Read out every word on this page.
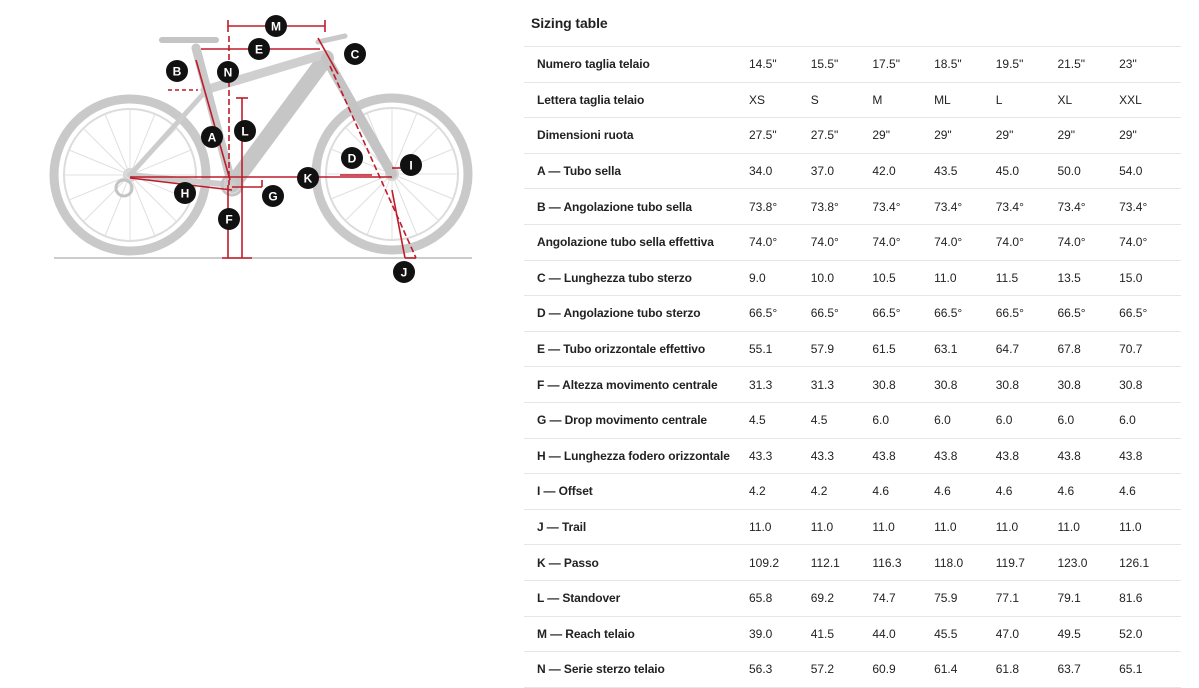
M
E	C
B	N
L
A
D	I
K
H	G
F
J
Sizing table
Numero taglia telaio	14.5"	15.5"	17.5"	18.5"	19.5"	21.5"	23"
Lettera taglia telaio	XS	S	M	ML	L	XL	XXL
Dimensioni ruota	27.5"	27.5"	29"	29"	29"	29"	29"
A — Tubo sella	34.0	37.0	42.0	43.5	45.0	50.0	54.0
B — Angolazione tubo sella	73.8°	73.8°	73.4°	73.4°	73.4°	73.4°	73.4°
Angolazione tubo sella effettiva	74.0°	74.0°	74.0°	74.0°	74.0°	74.0°	74.0°
C — Lunghezza tubo sterzo	9.0	10.0	10.5	11.0	11.5	13.5	15.0
D — Angolazione tubo sterzo	66.5°	66.5°	66.5°	66.5°	66.5°	66.5°	66.5°
E — Tubo orizzontale effettivo	55.1	57.9	61.5	63.1	64.7	67.8	70.7
F — Altezza movimento centrale	31.3	31.3	30.8	30.8	30.8	30.8	30.8
G — Drop movimento centrale	4.5	4.5	6.0	6.0	6.0	6.0	6.0
H — Lunghezza fodero orizzontale	43.3	43.3	43.8	43.8	43.8	43.8	43.8
I — Offset	4.2	4.2	4.6	4.6	4.6	4.6	4.6
J — Trail	11.0	11.0	11.0	11.0	11.0	11.0	11.0
K — Passo	109.2	112.1	116.3	118.0	119.7	123.0	126.1
L — Standover	65.8	69.2	74.7	75.9	77.1	79.1	81.6
M — Reach telaio	39.0	41.5	44.0	45.5	47.0	49.5	52.0
N — Serie sterzo telaio	56.3	57.2	60.9	61.4	61.8	63.7	65.1
